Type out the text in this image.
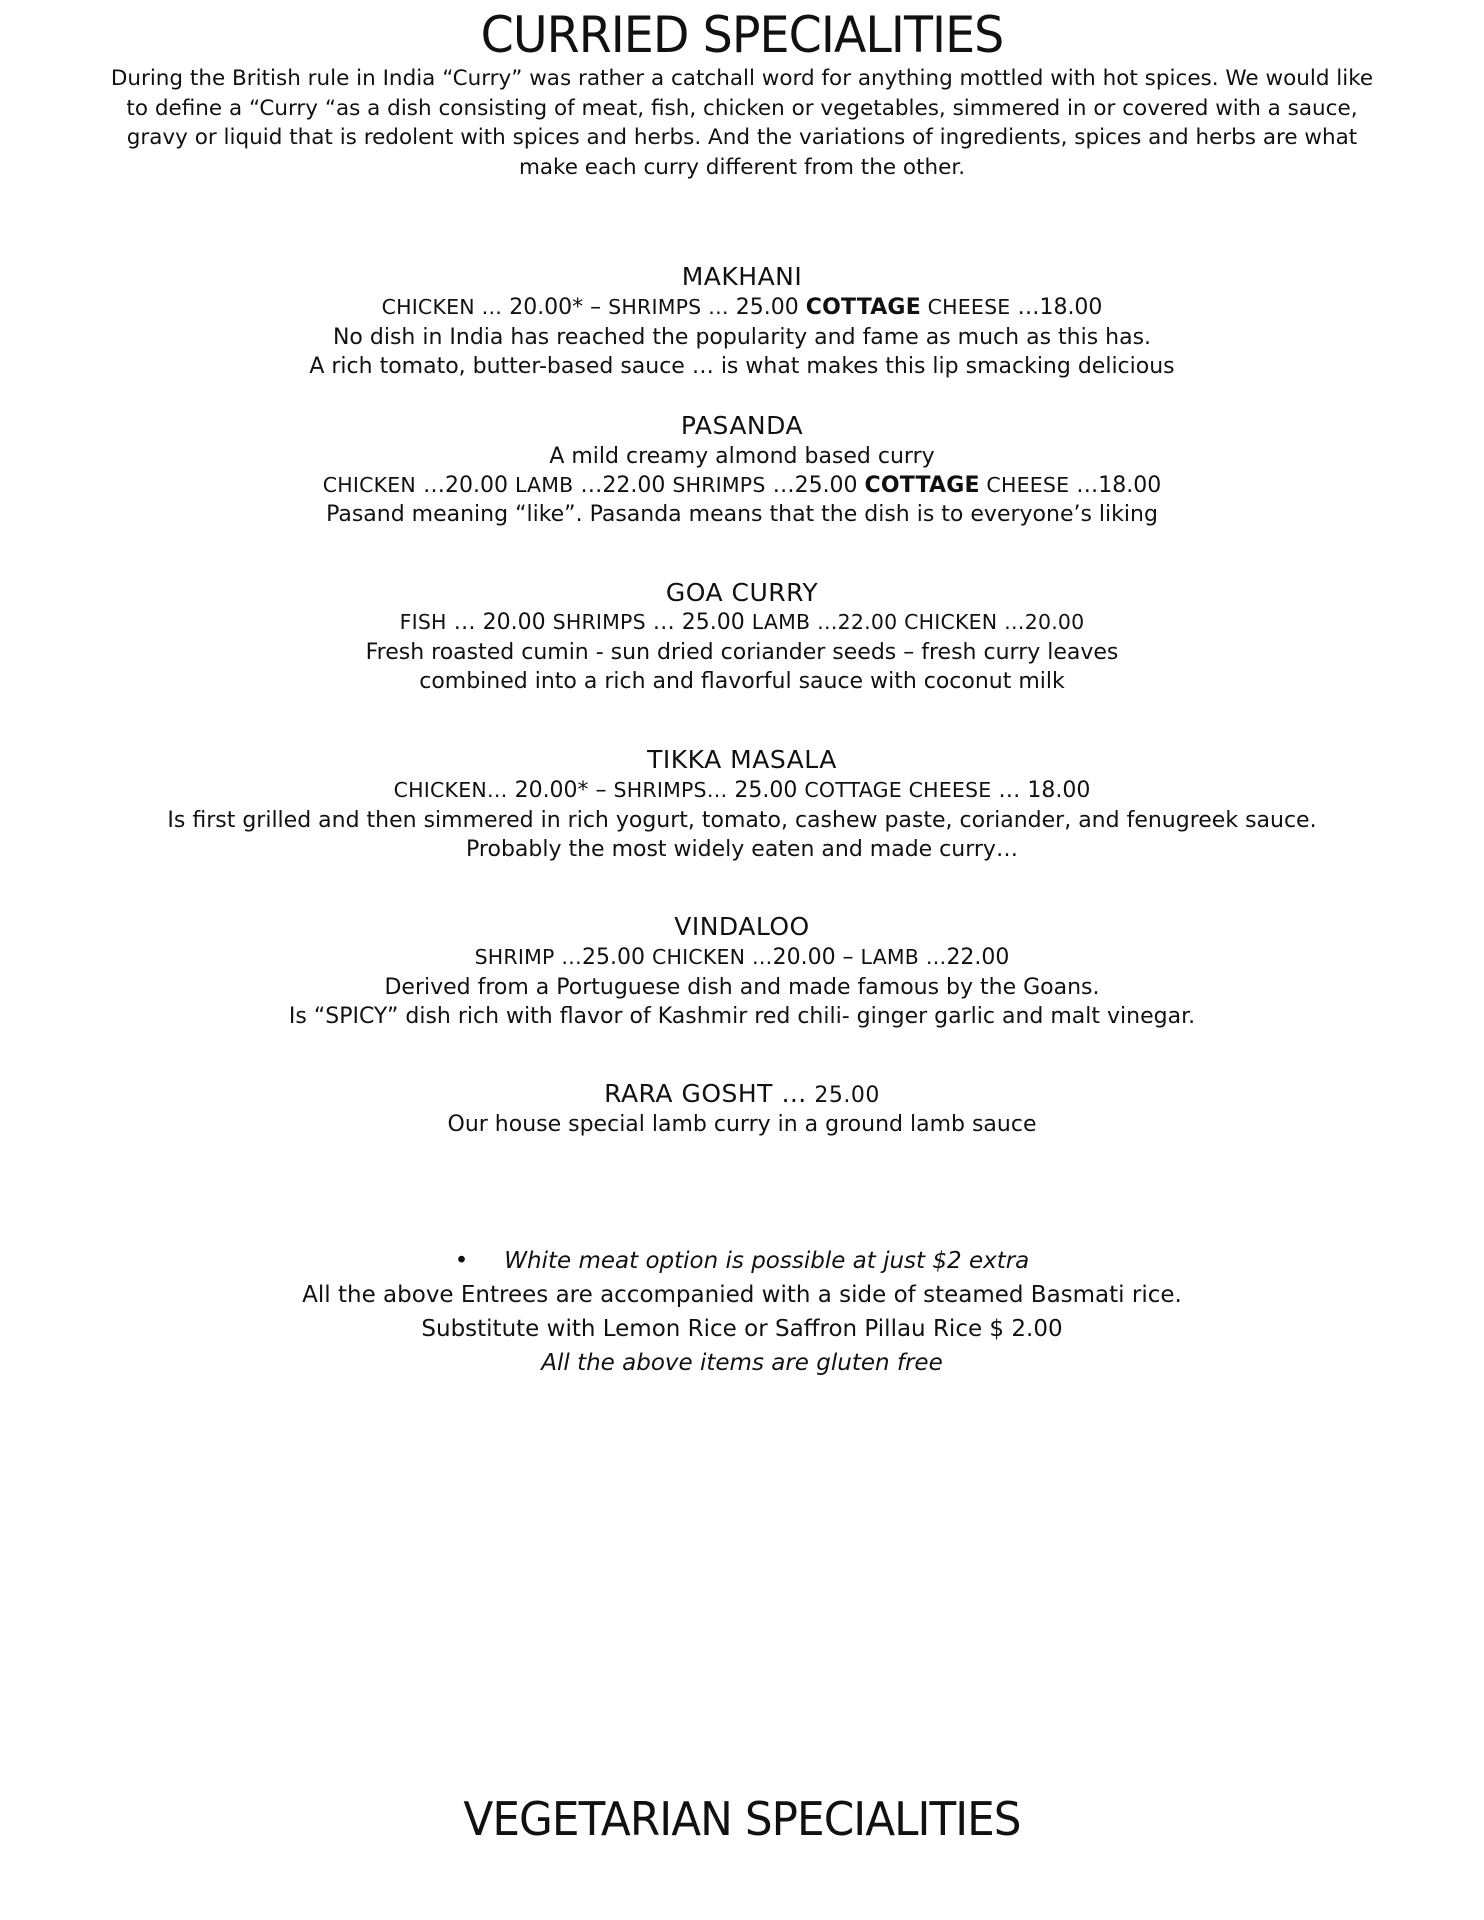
CURRIED SPECIALITIES
During the British rule in India “Curry” was rather a catchall word for anything mottled with hot spices. We would like to define a “Curry “as a dish consisting of meat, fish, chicken or vegetables, simmered in or covered with a sauce, gravy or liquid that is redolent with spices and herbs. And the variations of ingredients, spices and herbs are what make each curry different from the other.
MAKHANI
CHICKEN … 20.00* – SHRIMPS … 25.00 COTTAGE CHEESE …18.00
No dish in India has reached the popularity and fame as much as this has.
A rich tomato, butter-based sauce … is what makes this lip smacking delicious
PASANDA
A mild creamy almond based curry
CHICKEN …20.00 LAMB …22.00 SHRIMPS …25.00 COTTAGE CHEESE …18.00
Pasand meaning “like”. Pasanda means that the dish is to everyone’s liking
GOA CURRY
FISH … 20.00 SHRIMPS … 25.00 LAMB …22.00 CHICKEN …20.00
Fresh roasted cumin - sun dried coriander seeds – fresh curry leaves
combined into a rich and flavorful sauce with coconut milk
TIKKA MASALA
CHICKEN… 20.00* – SHRIMPS… 25.00 COTTAGE CHEESE … 18.00
Is first grilled and then simmered in rich yogurt, tomato, cashew paste, coriander, and fenugreek sauce.
Probably the most widely eaten and made curry…
VINDALOO
SHRIMP …25.00 CHICKEN …20.00 – LAMB …22.00
Derived from a Portuguese dish and made famous by the Goans.
Is “SPICY” dish rich with flavor of Kashmir red chili- ginger garlic and malt vinegar.
RARA GOSHT … 25.00
Our house special lamb curry in a ground lamb sauce
• White meat option is possible at just $2 extra
All the above Entrees are accompanied with a side of steamed Basmati rice.
Substitute with Lemon Rice or Saffron Pillau Rice $ 2.00
All the above items are gluten free
VEGETARIAN SPECIALITIES
